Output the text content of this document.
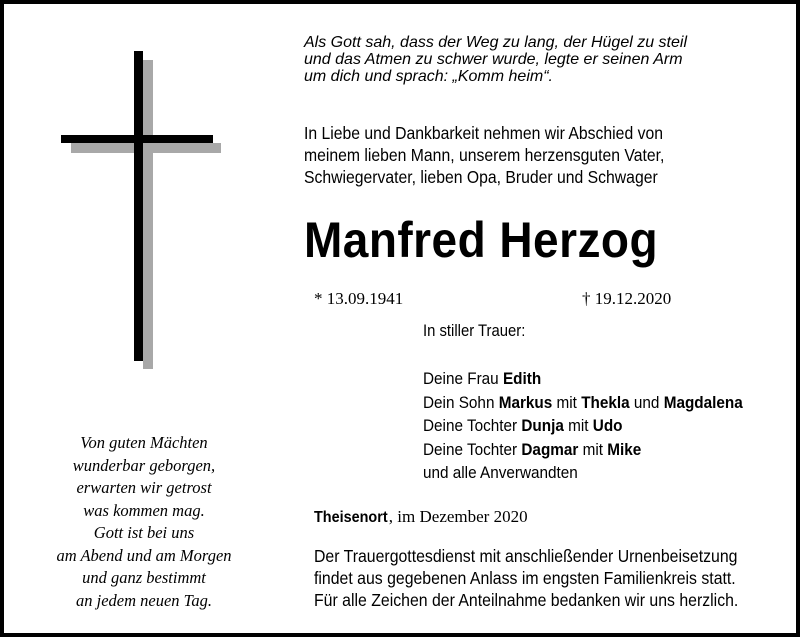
Als Gott sah, dass der Weg zu lang, der Hügel zu steil
und das Atmen zu schwer wurde, legte er seinen Arm
um dich und sprach: „Komm heim“.
In Liebe und Dankbarkeit nehmen wir Abschied von
meinem lieben Mann, unserem herzensguten Vater,
Schwiegervater, lieben Opa, Bruder und Schwager
Manfred Herzog
* 13.09.1941	† 19.12.2020
In stiller Trauer:
Deine Frau Edith
Dein Sohn Markus mit Thekla und Magdalena
Deine Tochter Dunja mit Udo
Deine Tochter Dagmar mit Mike
und alle Anverwandten
Theisenort, im Dezember 2020
Der Trauergottesdienst mit anschließender Urnenbeisetzung
findet aus gegebenen Anlass im engsten Familienkreis statt.
Für alle Zeichen der Anteilnahme bedanken wir uns herzlich.
Von guten Mächten
wunderbar geborgen,
erwarten wir getrost
was kommen mag.
Gott ist bei uns
am Abend und am Morgen
und ganz bestimmt
an jedem neuen Tag.
